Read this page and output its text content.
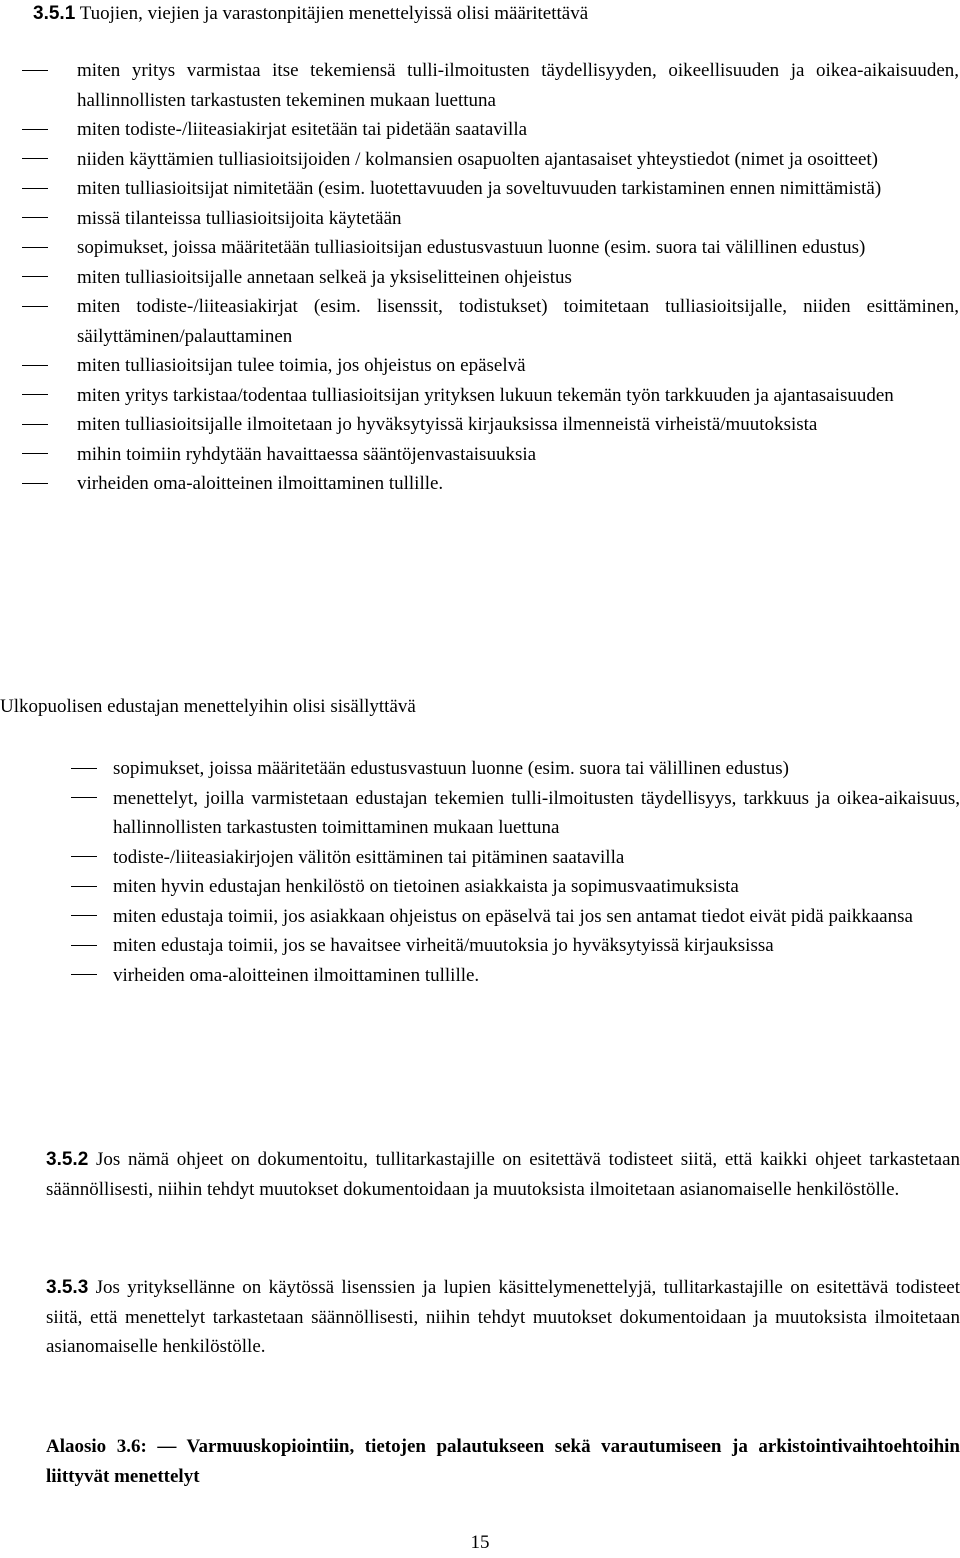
3.5.1 Tuojien, viejien ja varastonpitäjien menettelyissä olisi määritettävä
miten yritys varmistaa itse tekemiensä tulli-ilmoitusten täydellisyyden, oikeellisuuden ja oikea-aikaisuuden, hallinnollisten tarkastusten tekeminen mukaan luettuna
miten todiste-/liiteasiakirjat esitetään tai pidetään saatavilla
niiden käyttämien tulliasioitsijoiden / kolmansien osapuolten ajantasaiset yhteystiedot (nimet ja osoitteet)
miten tulliasioitsijat nimitetään (esim. luotettavuuden ja soveltuvuuden tarkistaminen ennen nimittämistä)
missä tilanteissa tulliasioitsijoita käytetään
sopimukset, joissa määritetään tulliasioitsijan edustusvastuun luonne (esim. suora tai välillinen edustus)
miten tulliasioitsijalle annetaan selkeä ja yksiselitteinen ohjeistus
miten todiste-/liiteasiakirjat (esim. lisenssit, todistukset) toimitetaan tulliasioitsijalle, niiden esittäminen, säilyttäminen/palauttaminen
miten tulliasioitsijan tulee toimia, jos ohjeistus on epäselvä
miten yritys tarkistaa/todentaa tulliasioitsijan yrityksen lukuun tekemän työn tarkkuuden ja ajantasaisuuden
miten tulliasioitsijalle ilmoitetaan jo hyväksytyissä kirjauksissa ilmenneistä virheistä/muutoksista
mihin toimiin ryhdytään havaittaessa sääntöjenvastaisuuksia
virheiden oma-aloitteinen ilmoittaminen tullille.
Ulkopuolisen edustajan menettelyihin olisi sisällyttävä
sopimukset, joissa määritetään edustusvastuun luonne (esim. suora tai välillinen edustus)
menettelyt, joilla varmistetaan edustajan tekemien tulli-ilmoitusten täydellisyys, tarkkuus ja oikea-aikaisuus, hallinnollisten tarkastusten toimittaminen mukaan luettuna
todiste-/liiteasiakirjojen välitön esittäminen tai pitäminen saatavilla
miten hyvin edustajan henkilöstö on tietoinen asiakkaista ja sopimusvaatimuksista
miten edustaja toimii, jos asiakkaan ohjeistus on epäselvä tai jos sen antamat tiedot eivät pidä paikkaansa
miten edustaja toimii, jos se havaitsee virheitä/muutoksia jo hyväksytyissä kirjauksissa
virheiden oma-aloitteinen ilmoittaminen tullille.
3.5.2 Jos nämä ohjeet on dokumentoitu, tullitarkastajille on esitettävä todisteet siitä, että kaikki ohjeet tarkastetaan säännöllisesti, niihin tehdyt muutokset dokumentoidaan ja muutoksista ilmoitetaan asianomaiselle henkilöstölle.
3.5.3 Jos yrityksellänne on käytössä lisenssien ja lupien käsittelymenettelyjä, tullitarkastajille on esitettävä todisteet siitä, että menettelyt tarkastetaan säännöllisesti, niihin tehdyt muutokset dokumentoidaan ja muutoksista ilmoitetaan asianomaiselle henkilöstölle.
Alaosio 3.6: — Varmuuskopiointiin, tietojen palautukseen sekä varautumiseen ja arkistointivaihtoehtoihin liittyvät menettelyt
15
